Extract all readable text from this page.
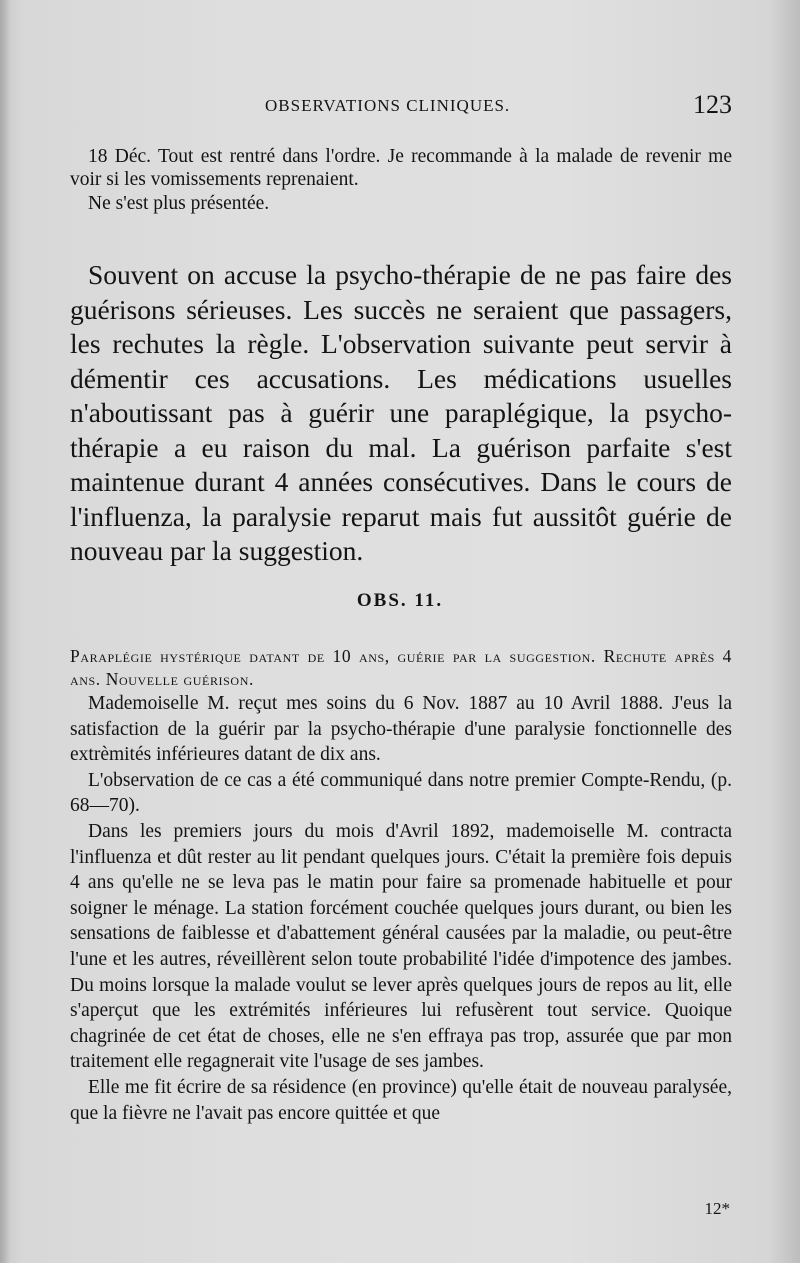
OBSERVATIONS CLINIQUES.	123

18 Déc. Tout est rentré dans l'ordre. Je recommande à la malade de revenir me voir si les vomissements reprenaient.

Ne s'est plus présentée.

Souvent on accuse la psycho-thérapie de ne pas faire des guérisons sérieuses. Les succès ne seraient que passagers, les rechutes la règle. L'observation suivante peut servir à démentir ces accusations. Les médications usuelles n'aboutissant pas à guérir une paraplégique, la psycho-thérapie a eu raison du mal. La guérison parfaite s'est maintenue durant 4 années consécutives. Dans le cours de l'influenza, la paralysie reparut mais fut aussitôt guérie de nouveau par la suggestion.

OBS. 11.
Paraplégie hystérique datant de 10 ans, guérie par la suggestion. Rechute après 4 ans. Nouvelle guérison.

Mademoiselle M. reçut mes soins du 6 Nov. 1887 au 10 Avril 1888. J'eus la satisfaction de la guérir par la psycho-thérapie d'une paralysie fonctionnelle des extrèmités inférieures datant de dix ans.

L'observation de ce cas a été communiqué dans notre premier Compte-Rendu, (p. 68—70).

Dans les premiers jours du mois d'Avril 1892, mademoiselle M. contracta l'influenza et dût rester au lit pendant quelques jours. C'était la première fois depuis 4 ans qu'elle ne se leva pas le matin pour faire sa promenade habituelle et pour soigner le ménage. La station forcément couchée quelques jours durant, ou bien les sensations de faiblesse et d'abattement général causées par la maladie, ou peut-être l'une et les autres, réveillèrent selon toute probabilité l'idée d'impotence des jambes. Du moins lorsque la malade voulut se lever après quelques jours de repos au lit, elle s'aperçut que les extrémités inférieures lui refusèrent tout service. Quoique chagrinée de cet état de choses, elle ne s'en effraya pas trop, assurée que par mon traitement elle regagnerait vite l'usage de ses jambes.

Elle me fit écrire de sa résidence (en province) qu'elle était de nouveau paralysée, que la fièvre ne l'avait pas encore quittée et que

12*
